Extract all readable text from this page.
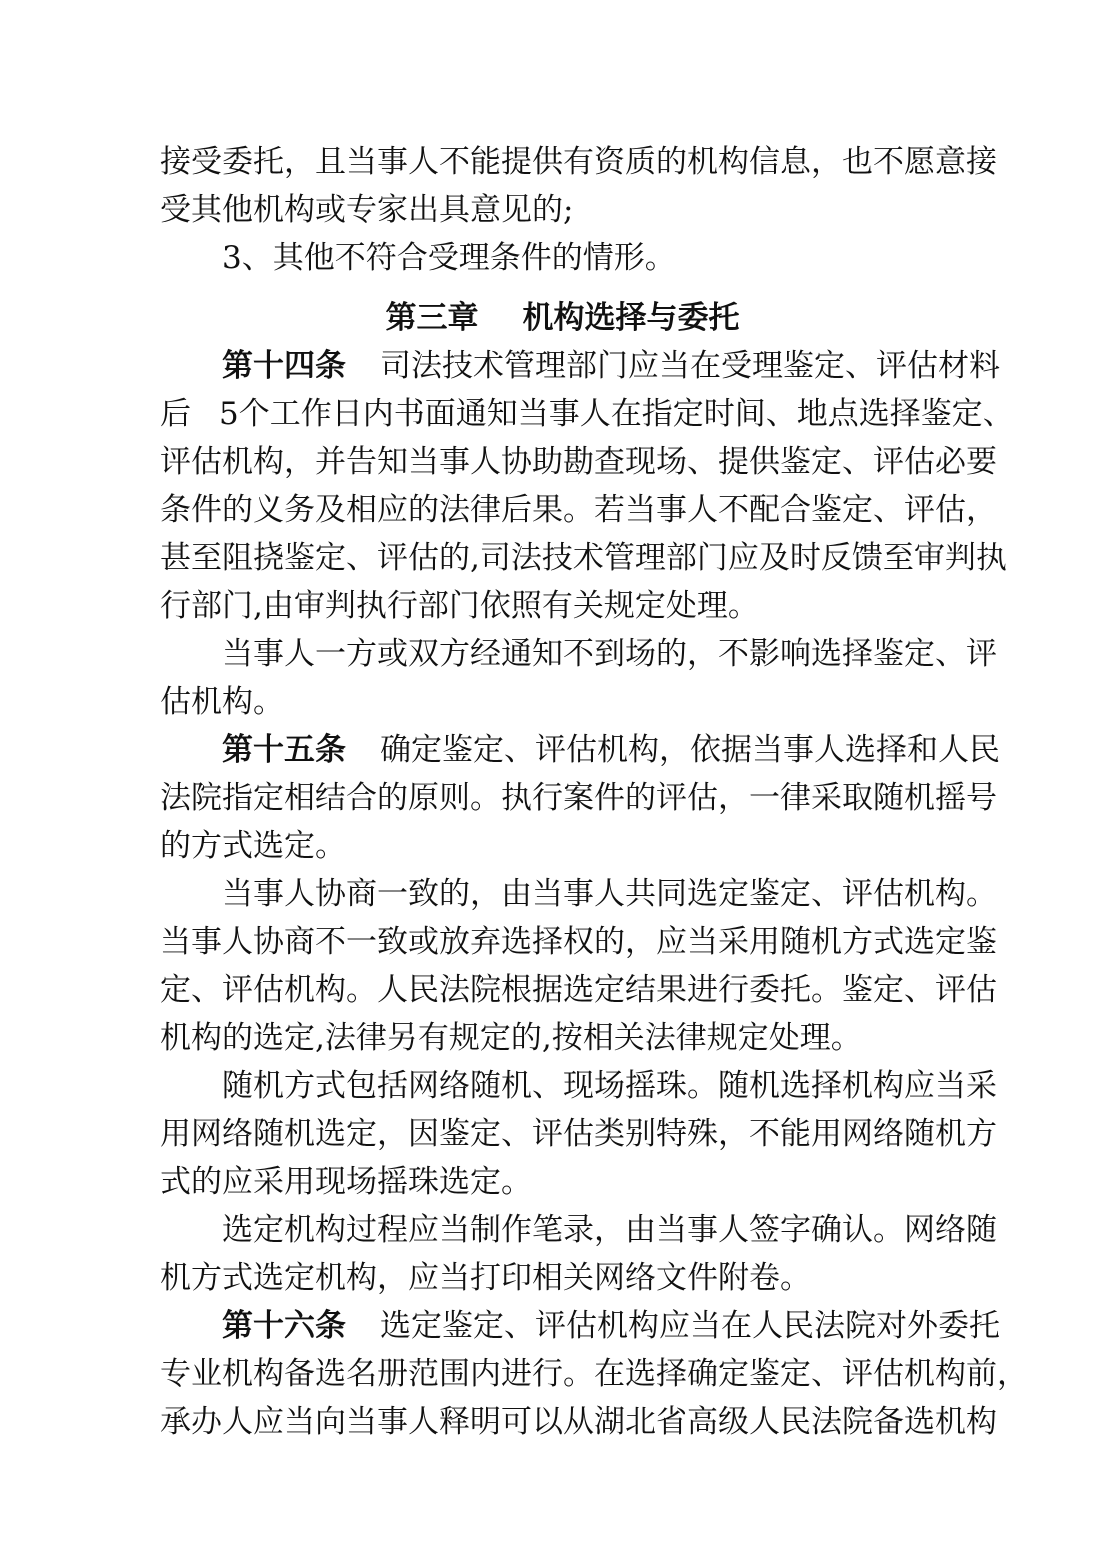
接受委托，且当事人不能提供有资质的机构信息，也不愿意接
受其他机构或专家出具意见的;
3、其他不符合受理条件的情形。
第三章 机构选择与委托
第十四条 司法技术管理部门应当在受理鉴定、评估材料
后 5个工作日内书面通知当事人在指定时间、地点选择鉴定、
评估机构，并告知当事人协助勘查现场、提供鉴定、评估必要
条件的义务及相应的法律后果。若当事人不配合鉴定、评估，
甚至阻挠鉴定、评估的,司法技术管理部门应及时反馈至审判执
行部门,由审判执行部门依照有关规定处理。
当事人一方或双方经通知不到场的，不影响选择鉴定、评
估机构。
第十五条 确定鉴定、评估机构，依据当事人选择和人民
法院指定相结合的原则。执行案件的评估，一律采取随机摇号
的方式选定。
当事人协商一致的，由当事人共同选定鉴定、评估机构。
当事人协商不一致或放弃选择权的，应当采用随机方式选定鉴
定、评估机构。人民法院根据选定结果进行委托。鉴定、评估
机构的选定,法律另有规定的,按相关法律规定处理。
随机方式包括网络随机、现场摇珠。随机选择机构应当采
用网络随机选定，因鉴定、评估类别特殊，不能用网络随机方
式的应采用现场摇珠选定。
选定机构过程应当制作笔录，由当事人签字确认。网络随
机方式选定机构，应当打印相关网络文件附卷。
第十六条 选定鉴定、评估机构应当在人民法院对外委托
专业机构备选名册范围内进行。在选择确定鉴定、评估机构前，
承办人应当向当事人释明可以从湖北省高级人民法院备选机构
